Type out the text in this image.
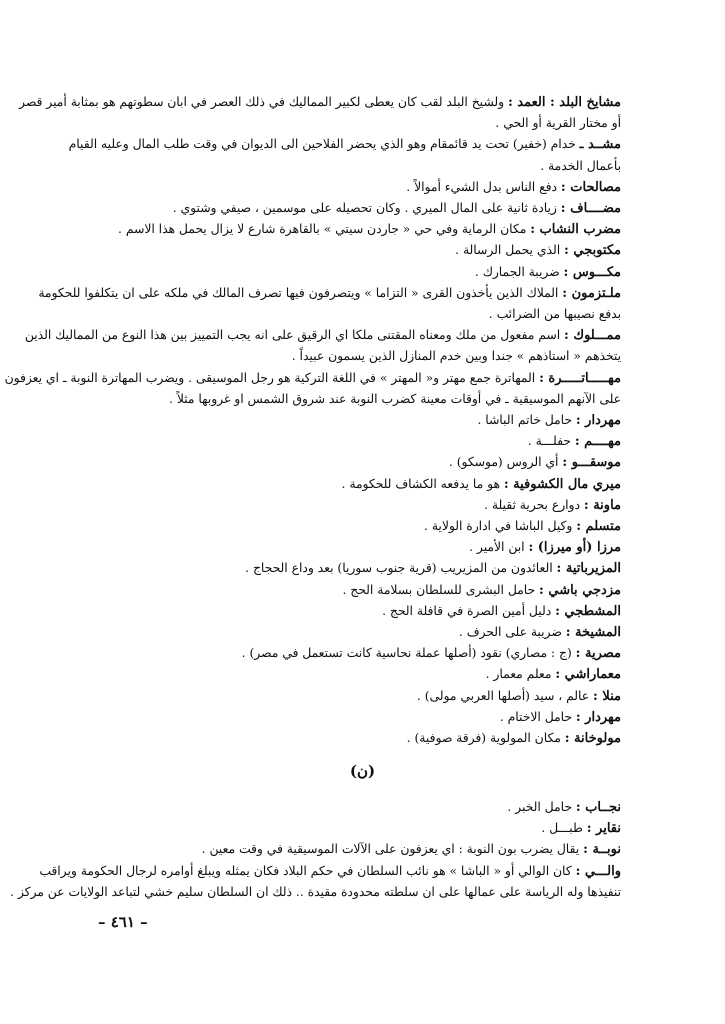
مشايخ البلد : العمد : ولشيخ البلد لقب كان يعطى لكبير المماليك في ذلك العصر في ابان سطوتهم هو بمثابة أمير قصر
أو مختار القرية أو الحي .
مشــد ـ خدام (خفير) تحت يد قائمقام وهو الذي يحضر الفلاحين الى الديوان في وقت طلب المال وعليه القيام
بأعمال الخدمة .
مصالحات : دفع الناس بدل الشيء أموالاً .
مضــــاف : زيادة ثانية على المال الميري . وكان تحصيله على موسمين ، صيفي وشتوي .
مضرب النشاب : مكان الرماية وفي حي « جاردن سيتي » بالقاهرة شارع لا يزال يحمل هذا الاسم .
مكتوبجي : الذي يحمل الرسالة .
مكـــوس : ضريبة الجمارك .
ملـتزمون : الملاك الذين يأخذون القرى « التزاما » ويتصرفون فيها تصرف المالك في ملكه على ان يتكلفوا للحكومة
بدفع نصيبها من الضرائب .
ممـــلوك : اسم مفعول من ملك ومعناه المقتنى ملكا اي الرقيق على انه يجب التمييز بين هذا النوع من المماليك الذين
يتخذهم « استاذهم » جندا وبين خدم المنازل الذين يسمون عبيداً .
مهـــــاتـــــرة : المهاترة جمع مهتر و« المهتر » في اللغة التركية هو رجل الموسيقى . ويضرب المهاترة النوبة ـ اي يعزفون
على الآنهم الموسيقية ـ في أوقات معينة كضرب النوبة عند شروق الشمس او غروبها مثلاً .
مهردار : حامل خاتم الباشا .
مهــــم : حفلـــة .
موسقـــو : أي الروس (موسكو) .
ميري مال الكشوفية : هو ما يدفعه الكشاف للحكومة .
ماونة : دوارع بحرية ثقيلة .
متسلم : وكيل الباشا في ادارة الولاية .
مرزا (أو ميرزا) : ابن الأمير .
المزيرباتية : العائدون من المزيريب (قرية جنوب سوريا) بعد وداع الحجاج .
مزدجي باشي : حامل البشرى للسلطان بسلامة الحج .
المشطجي : دليل أمين الصرة في قافلة الحج .
المشيخة : ضريبة على الحرف .
مصرية : (ج : مصاري) نقود (أصلها عملة نحاسية كانت تستعمل في مصر) .
معماراشي : معلم معمار .
منلا : عالم ، سيد (أصلها العربي مولى) .
مهردار : حامل الاختام .
مولوخانة : مكان المولوية (فرقة صوفية) .
(ن)
نجــاب : حامل الخبر .
نقاير : طبـــل .
نوبــة : يقال يضرب بون النوبة : اي يعزفون على الآلات الموسيقية في وقت معين .
والـــي : كان الوالي أو « الباشا » هو نائب السلطان في حكم البلاد فكان يمثله ويبلغ أوامره لرجال الحكومة ويراقب
تنفيذها وله الرياسة على عمالها على ان سلطته محدودة مقيدة .. ذلك ان السلطان سليم خشي لتباعد الولايات عن مركز .
– ٤٦١ –
